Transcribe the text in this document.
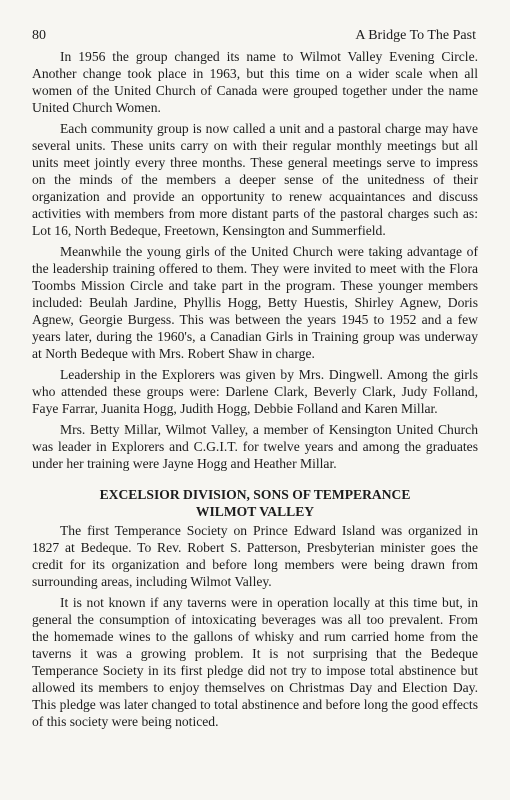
80	A Bridge To The Past

In 1956 the group changed its name to Wilmot Valley Evening Circle. Another change took place in 1963, but this time on a wider scale when all women of the United Church of Canada were grouped together under the name United Church Women.

Each community group is now called a unit and a pastoral charge may have several units. These units carry on with their regular monthly meetings but all units meet jointly every three months. These general meetings serve to impress on the minds of the members a deeper sense of the unitedness of their organization and provide an opportunity to renew acquaintances and discuss activities with members from more distant parts of the pastoral charges such as: Lot 16, North Bedeque, Freetown, Kensington and Summerfield.

Meanwhile the young girls of the United Church were taking advantage of the leadership training offered to them. They were invited to meet with the Flora Toombs Mission Circle and take part in the program. These younger members included: Beulah Jardine, Phyllis Hogg, Betty Huestis, Shirley Agnew, Doris Agnew, Georgie Burgess. This was between the years 1945 to 1952 and a few years later, during the 1960's, a Canadian Girls in Training group was underway at North Bedeque with Mrs. Robert Shaw in charge.

Leadership in the Explorers was given by Mrs. Dingwell. Among the girls who attended these groups were: Darlene Clark, Beverly Clark, Judy Folland, Faye Farrar, Juanita Hogg, Judith Hogg, Debbie Folland and Karen Millar.

Mrs. Betty Millar, Wilmot Valley, a member of Kensington United Church was leader in Explorers and C.G.I.T. for twelve years and among the graduates under her training were Jayne Hogg and Heather Millar.

EXCELSIOR DIVISION, SONS OF TEMPERANCE
WILMOT VALLEY

The first Temperance Society on Prince Edward Island was organized in 1827 at Bedeque. To Rev. Robert S. Patterson, Presbyterian minister goes the credit for its organization and before long members were being drawn from surrounding areas, including Wilmot Valley.

It is not known if any taverns were in operation locally at this time but, in general the consumption of intoxicating beverages was all too prevalent. From the homemade wines to the gallons of whisky and rum carried home from the taverns it was a growing problem. It is not surprising that the Bedeque Temperance Society in its first pledge did not try to impose total abstinence but allowed its members to enjoy themselves on Christmas Day and Election Day. This pledge was later changed to total abstinence and before long the good effects of this society were being noticed.
